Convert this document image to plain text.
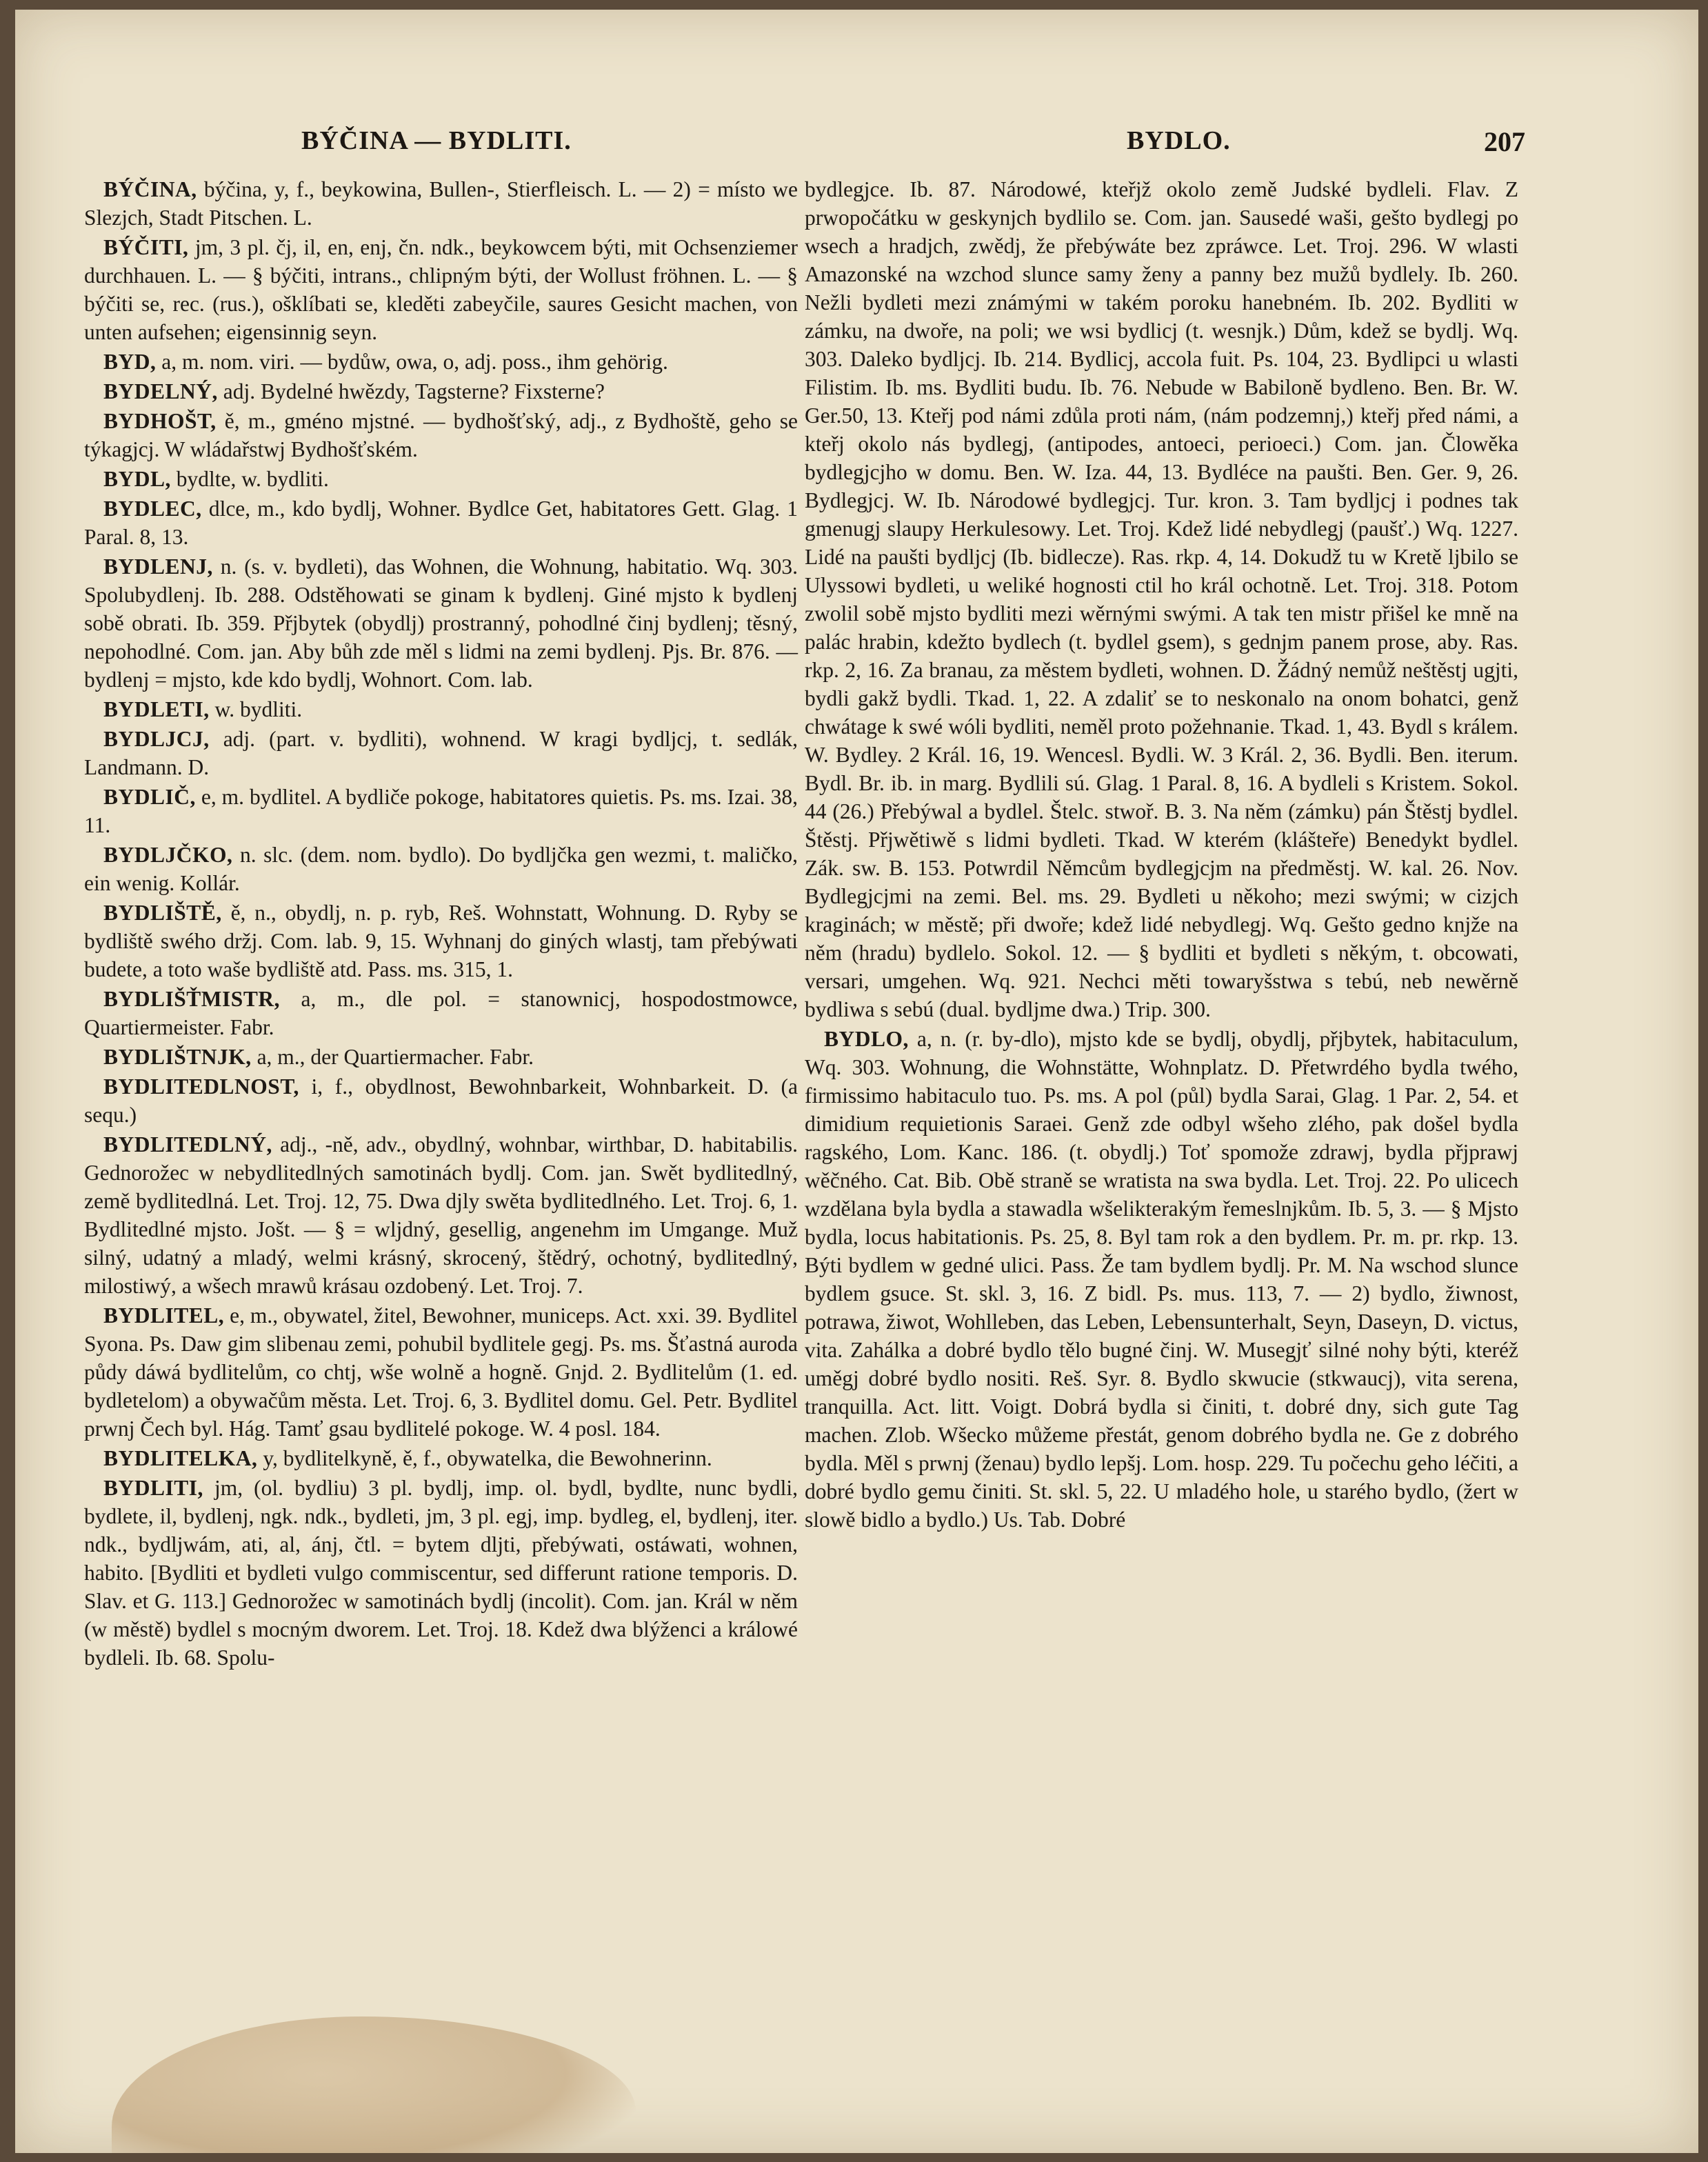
BÝČINA — BYDLITI.	BYDLO.	207

BÝČINA, býčina, y, f., beykowina, Bullen-, Stierfleisch. L. — 2) = místo we Slezjch, Stadt Pitschen. L.

BÝČITI, jm, 3 pl. čj, il, en, enj, čn. ndk., beykowcem býti, mit Ochsenziemer durchhauen. L. — § býčiti, intrans., chlipným býti, der Wollust fröhnen. L. — § býčiti se, rec. (rus.), ošklíbati se, kleděti zabeyčile, saures Gesicht machen, von unten aufsehen; eigensinnig seyn.

BYD, a, m. nom. viri. — bydůw, owa, o, adj. poss., ihm gehörig.

BYDELNÝ, adj. Bydelné hwězdy, Tagsterne? Fixsterne?

BYDHOŠT, ě, m., gméno mjstné. — bydhošťský, adj., z Bydhoště, geho se týkagjcj. W wládařstwj Bydhošťském.

BYDL, bydlte, w. bydliti.

BYDLEC, dlce, m., kdo bydlj, Wohner. Bydlce Get, habitatores Gett. Glag. 1 Paral. 8, 13.

BYDLENJ, n. (s. v. bydleti), das Wohnen, die Wohnung, habitatio. Wq. 303. Spolubydlenj. Ib. 288. Odstěhowati se ginam k bydlenj. Giné mjsto k bydlenj sobě obrati. Ib. 359. Přjbytek (obydlj) prostranný, pohodlné činj bydlenj; těsný, nepohodlné. Com. jan. Aby bůh zde měl s lidmi na zemi bydlenj. Pjs. Br. 876. — bydlenj = mjsto, kde kdo bydlj, Wohnort. Com. lab.

BYDLETI, w. bydliti.

BYDLJCJ, adj. (part. v. bydliti), wohnend. W kragi bydljcj, t. sedlák, Landmann. D.

BYDLIČ, e, m. bydlitel. A bydliče pokoge, habitatores quietis. Ps. ms. Izai. 38, 11.

BYDLJČKO, n. slc. (dem. nom. bydlo). Do bydljčka gen wezmi, t. maličko, ein wenig. Kollár.

BYDLIŠTĚ, ě, n., obydlj, n. p. ryb, Reš. Wohnstatt, Wohnung. D. Ryby se bydliště swého držj. Com. lab. 9, 15. Wyhnanj do giných wlastj, tam přebýwati budete, a toto waše bydliště atd. Pass. ms. 315, 1.

BYDLIŠŤMISTR, a, m., dle pol. = stanownicj, hospodostmowce, Quartiermeister. Fabr.

BYDLIŠTNJK, a, m., der Quartiermacher. Fabr.

BYDLITEDLNOST, i, f., obydlnost, Bewohnbarkeit, Wohnbarkeit. D. (a sequ.)

BYDLITEDLNÝ, adj., -ně, adv., obydlný, wohnbar, wirthbar, D. habitabilis. Gednorožec w nebydlitedlných samotinách bydlj. Com. jan. Swět bydlitedlný, země bydlitedlná. Let. Troj. 12, 75. Dwa djly swěta bydlitedlného. Let. Troj. 6, 1. Bydlitedlné mjsto. Jošt. — § = wljdný, gesellig, angenehm im Umgange. Muž silný, udatný a mladý, welmi krásný, skrocený, štědrý, ochotný, bydlitedlný, milostiwý, a wšech mrawů krásau ozdobený. Let. Troj. 7.

BYDLITEL, e, m., obywatel, žitel, Bewohner, municeps. Act. xxi. 39. Bydlitel Syona. Ps. Daw gim slibenau zemi, pohubil bydlitele gegj. Ps. ms. Šťastná aurodа půdy dáwá bydlitelům, co chtj, wše wolně a hogně. Gnjd. 2. Bydlitelům (1. ed. bydletelom) a obywačům městа. Let. Troj. 6, 3. Bydlitel domu. Gel. Petr. Bydlitel prwnj Čech byl. Hág. Tamť gsau bydlitelé pokoge. W. 4 posl. 184.

BYDLITELKA, y, bydlitelkyně, ě, f., obywatelka, die Bewohnerinn.

BYDLITI, jm, (ol. bydliu) 3 pl. bydlj, imp. ol. bydl, bydlte, nunc bydli, bydlete, il, bydlenj, ngk. ndk., bydleti, jm, 3 pl. egj, imp. bydleg, el, bydlenj, iter. ndk., bydljwám, ati, al, ánj, čtl. = bytem dljti, přebýwati, ostáwati, wohnen, habito. [Bydliti et bydleti vulgo commiscentur, sed differunt ratione temporis. D. Slav. et G. 113.] Gednorožec w samotinách bydlj (incolit). Com. jan. Král w něm (w městě) bydlel s mocným dworem. Let. Troj. 18. Kdež dwa blýženci a králowé bydleli. Ib. 68. Spolu-

bydlegjce. Ib. 87. Národowé, kteřjž okolo země Judské bydleli. Flav. Z prwopočátku w geskynjch bydlilo se. Com. jan. Sausedé waši, gešto bydlegj po wsech a hradjch, zwědj, že přebýwáte bez zpráwce. Let. Troj. 296. W wlasti Amazonské na wzchod slunce samy ženy a panny bez mužů bydlely. Ib. 260. Nežli bydleti mezi známými w takém poroku hanebném. Ib. 202. Bydliti w zámku, na dwoře, na poli; we wsi bydlicj (t. wesnjk.) Dům, kdež se bydlj. Wq. 303. Daleko bydljcj. Ib. 214. Bydlicj, accola fuit. Ps. 104, 23. Bydlipci u wlasti Filistim. Ib. ms. Bydliti budu. Ib. 76. Nebude w Babiloně bydleno. Ben. Br. W. Ger.50, 13. Kteřj pod námi zdůla proti nám, (nám podzemnj,) kteřj před námi, a kteřj okolo nás bydlegj, (antipodes, antoeci, perioeci.) Com. jan. Člowěka bydlegjcjho w domu. Ben. W. Iza. 44, 13. Bydléce na paušti. Ben. Ger. 9, 26. Bydlegjcj. W. Ib. Národowé bydlegjcj. Tur. kron. 3. Tam bydljcj i podnes tak gmenugj slaupy Herkulesowy. Let. Troj. Kdež lidé nebydlegj (paušť.) Wq. 1227. Lidé na paušti bydljcj (Ib. bidlecze). Ras. rkp. 4, 14. Dokudž tu w Kretě ljbilo se Ulyssowi bydleti, u weliké hognosti ctil ho král ochotně. Let. Troj. 318. Potom zwolil sobě mjsto bydliti mezi wěrnými swými. A tak ten mistr přišel ke mně na palác hrabin, kdežto bydlech (t. bydlel gsem), s gednjm panem prose, aby. Ras. rkp. 2, 16. Za branau, za městem bydleti, wohnen. D. Žádný nemůž neštěstj ugjti, bydli gakž bydli. Tkad. 1, 22. A zdaliť se to neskonalo na onom bohatci, genž chwátage k swé wóli bydliti, neměl proto požehnanie. Tkad. 1, 43. Bydl s králem. W. Bydley. 2 Král. 16, 19. Wencesl. Bydli. W. 3 Král. 2, 36. Bydli. Ben. iterum. Bydl. Br. ib. in marg. Bydlili sú. Glag. 1 Paral. 8, 16. A bydleli s Kristem. Sokol. 44 (26.) Přebýwal a bydlel. Štelc. stwoř. B. 3. Na něm (zámku) pán Štěstj bydlel. Štěstj. Přjwětiwě s lidmi bydleti. Tkad. W kterém (klášteře) Benedykt bydlel. Zák. sw. B. 153. Potwrdil Němcům bydlegjcjm na předměstj. W. kal. 26. Nov. Bydlegjcjmi na zemi. Bel. ms. 29. Bydleti u někoho; mezi swými; w cizjch kraginách; w městě; při dwoře; kdež lidé nebydlegj. Wq. Gešto gedno knjže na něm (hradu) bydlelo. Sokol. 12. — § bydliti et bydleti s někým, t. obcowati, versari, umgehen. Wq. 921. Nechci měti towaryšstwa s tebú, neb newěrně bydliwa s sebú (dual. bydljme dwa.) Trip. 300.

BYDLO, a, n. (r. by-dlo), mjsto kde se bydlj, obydlj, přjbytek, habitaculum, Wq. 303. Wohnung, die Wohnstätte, Wohnplatz. D. Přetwrdého bydla twého, firmissimo habitaculo tuo. Ps. ms. A pol (půl) bydla Sarai, Glag. 1 Par. 2, 54. et dimidium requietionis Saraei. Genž zde odbyl wšeho zlého, pak došel bydla ragského, Lom. Kanc. 186. (t. obydlj.) Toť spomože zdrawj, bydla přjprawj wěčného. Cat. Bib. Obě straně se wratista na swa bydla. Let. Troj. 22. Po ulicech wzdělana byla bydla a stawadla wšelikterakým řemeslnjkům. Ib. 5, 3. — § Mjsto bydla, locus habitationis. Ps. 25, 8. Byl tam rok a den bydlem. Pr. m. pr. rkp. 13. Býti bydlem w gedné ulici. Pass. Že tam bydlem bydlj. Pr. M. Na wschod slunce bydlem gsuce. St. skl. 3, 16. Z bidl. Ps. mus. 113, 7. — 2) bydlo, žiwnost, potrawa, žiwot, Wohlleben, das Leben, Lebensunterhalt, Seyn, Daseyn, D. victus, vita. Zahálka a dobré bydlo tělo bugné činj. W. Musegjť silné nohy býti, kteréž uměgj dobré bydlo nositi. Reš. Syr. 8. Bydlo skwucie (stkwaucj), vita serena, tranquilla. Act. litt. Voigt. Dobrá bydla si činiti, t. dobré dny, sich gute Tag machen. Zlob. Wšecko můžeme přestát, genom dobrého bydla ne. Ge z dobrého bydla. Měl s prwnj (ženau) bydlo lepšj. Lom. hosp. 229. Tu počechu geho léčiti, a dobré bydlo gemu činiti. St. skl. 5, 22. U mladého hole, u starého bydlo, (žert w slowě bidlo a bydlo.) Us. Tab. Dobré
